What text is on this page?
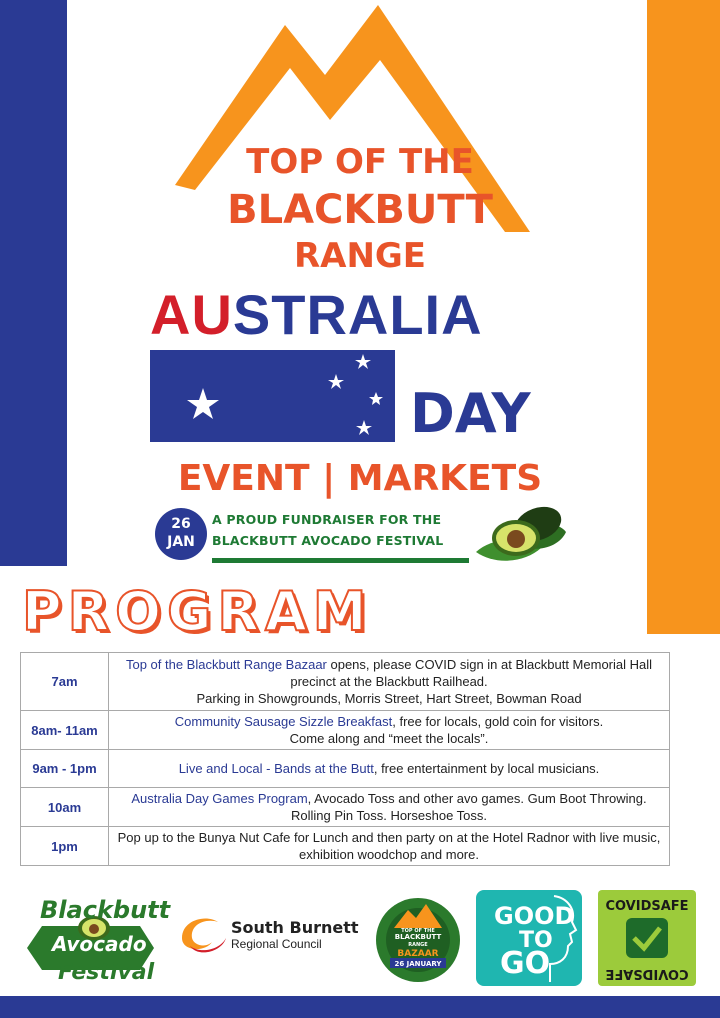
TOP OF THE
BLACKBUTT
RANGE
AUSTRALIA
DAY
EVENT | MARKETS
26
JAN
A PROUD FUNDRAISER FOR THE
BLACKBUTT AVOCADO FESTIVAL
PROGRAM
7am	Top of the Blackbutt Range Bazaar opens, please COVID sign in at Blackbutt Memorial Hall precinct at the Blackbutt Railhead.
Parking in Showgrounds, Morris Street, Hart Street, Bowman Road
8am- 11am	Community Sausage Sizzle Breakfast, free for locals, gold coin for visitors.
Come along and “meet the locals”.
9am - 1pm	Live and Local - Bands at the Butt, free entertainment by local musicians.
10am	Australia Day Games Program, Avocado Toss and other avo games. Gum Boot Throwing.
Rolling Pin Toss. Horseshoe Toss.
1pm	Pop up to the Bunya Nut Cafe for Lunch and then party on at the Hotel Radnor with live music, exhibition woodchop and more.
Blackbutt
Avocado
Festival
South Burnett
Regional Council
26 JANUARY
TOP OF THE
BLACKBUTT
RANGE
BAZAAR
GOOD
TO
GO
COVIDSAFE
COVIDSAFE
